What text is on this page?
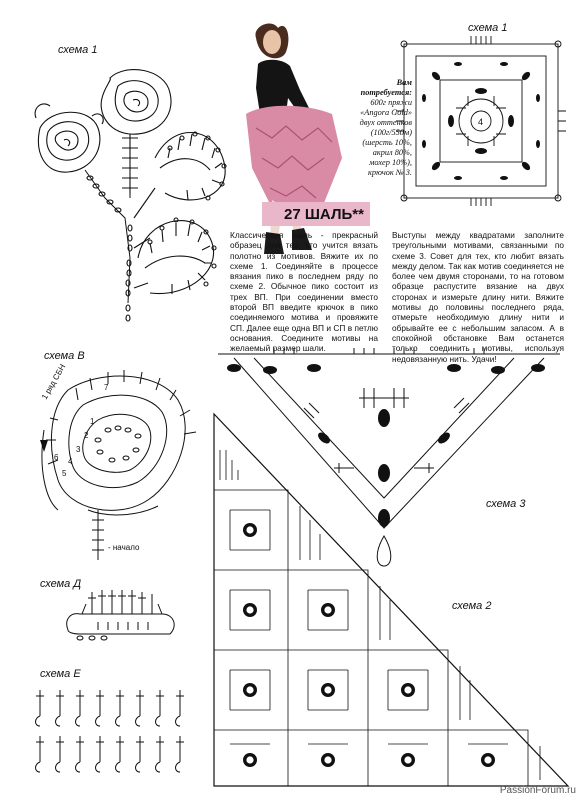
схема 1
схема 1
схема В
схема 3
схема 2
схема Д
схема Е
Вам потребуется:
600г пряжи «Angora Gold» двух оттенков (100г/550м) (шерсть 10%, акрил 80%, мохер 10%), крючок № 3.
27 ШАЛЬ**
Классическая шаль - прекрасный образец для тех, кто учится вязать полотно из мотивов. Вяжите их по схеме 1. Соединяйте в процессе вязания пико в последнем ряду по схеме 2. Обычное пико состоит из трех ВП. При соединении вместо второй ВП введите крючок в пико соединяемого мотива и провяжите СП. Далее еще одна ВП и СП в петлю основания. Соедините мотивы на желаемый размер шали.
Выступы между квадратами заполните треугольными мотивами, связанными по схеме 3. Совет для тех, кто любит вязать между делом. Так как мотив соединяется не более чем двумя сторонами, то на готовом образце распустите вязание на двух сторонах и измерьте длину нити. Вяжите мотивы до половины последнего ряда, отмерьте необходимую длину нити и обрывайте ее с небольшим запасом. А в спокойной обстановке Вам останется только соединить мотивы, используя недовязанную нить. Удачи!
4
1 ряд СБН
1
2
3
4
5
6
7
- начало
PassionForum.ru
